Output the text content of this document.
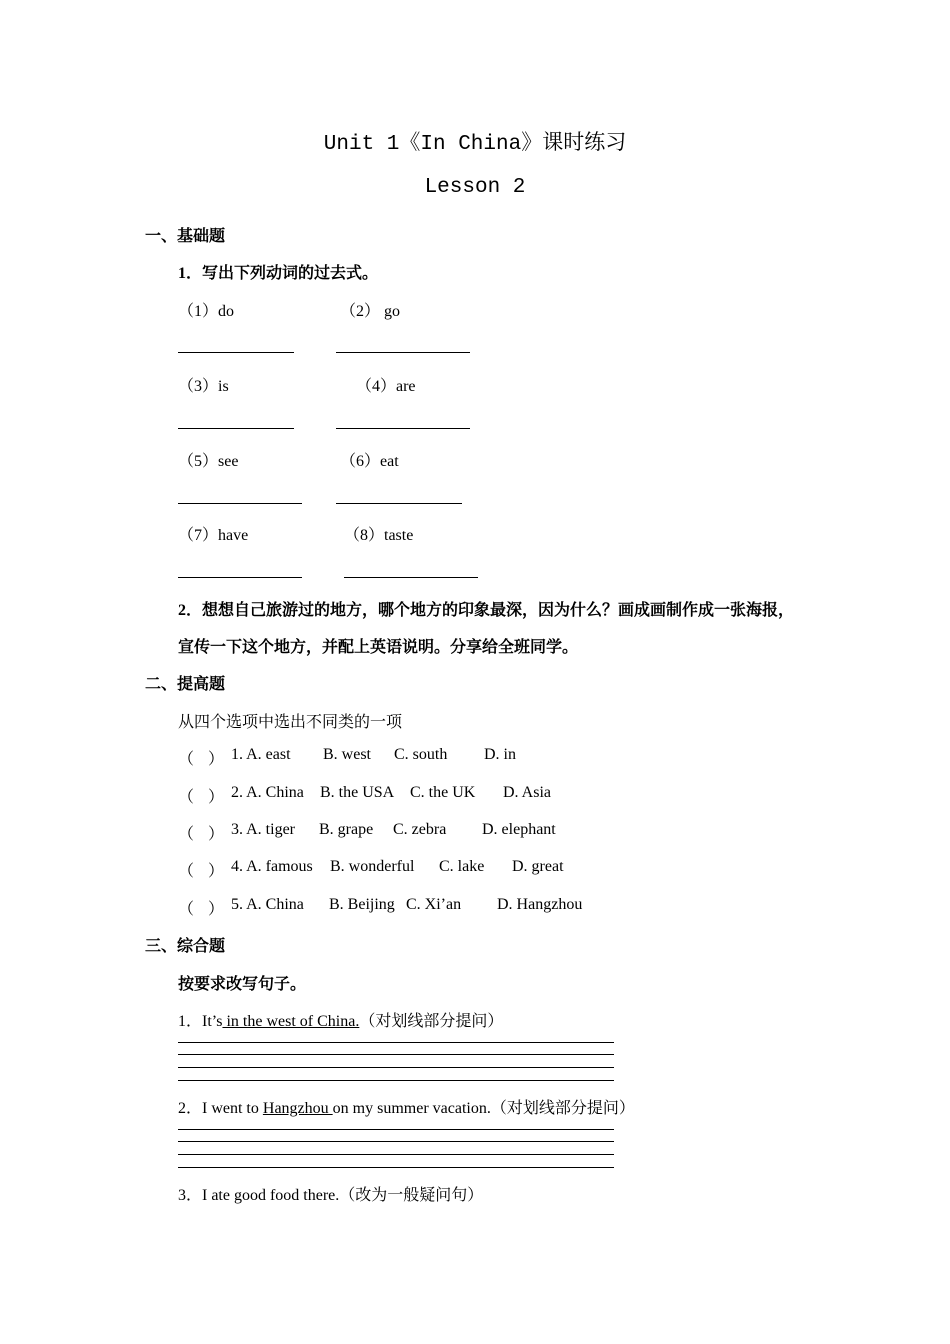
Unit 1《In China》课时练习
Lesson 2
一、基础题
1．写出下列动词的过去式。
（1）do	（2） go
（3）is	（4）are
（5）see	（6）eat
（7）have	（8）taste
2．想想自己旅游过的地方，哪个地方的印象最深，因为什么？画成画制作成一张海报，
宣传一下这个地方，并配上英语说明。分享给全班同学。
二、提高题
从四个选项中选出不同类的一项
（ ） 1. A. east B. west C. south D. in
（ ） 2. A. China B. the USA C. the UK D. Asia
（ ） 3. A. tiger B. grape C. zebra D. elephant
（ ） 4. A. famous B. wonderful C. lake D. great
（ ） 5. A. China B. Beijing C. Xi’an D. Hangzhou
三、综合题
按要求改写句子。
1．It’s in the west of China.（对划线部分提问）
2．I went to Hangzhou on my summer vacation.（对划线部分提问）
3．I ate good food there.（改为一般疑问句）
